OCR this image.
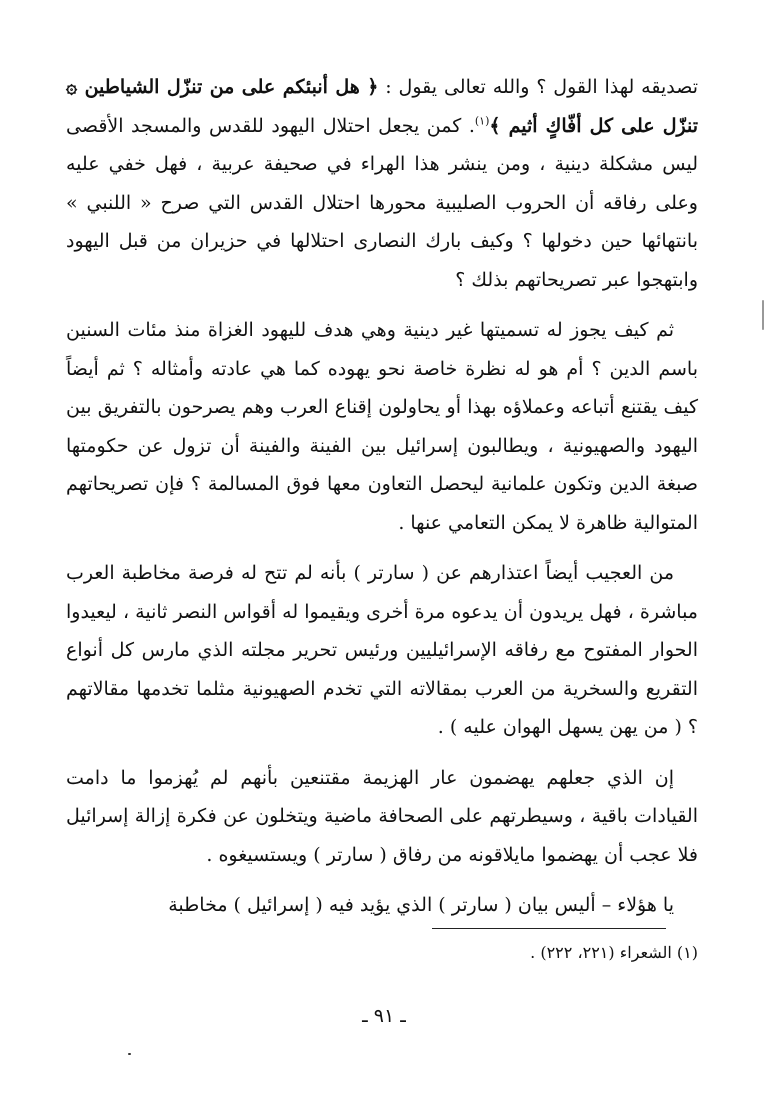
تصديقه لهذا القول ؟ والله تعالى يقول : ﴿ هل أنبئكم على من تنزّل الشياطين ۞ تنزّل على كل أفّاكٍ أثيم ﴾$^{(١)}$. كمن يجعل احتلال اليهود للقدس والمسجد الأقصى ليس مشكلة دينية ، ومن ينشر هذا الهراء في صحيفة عربية ، فهل خفي عليه وعلى رفاقه أن الحروب الصليبية محورها احتلال القدس التي صرح « اللنبي » بانتهائها حين دخولها ؟ وكيف بارك النصارى احتلالها في حزيران من قبل اليهود وابتهجوا عبر تصريحاتهم بذلك ؟

ثم كيف يجوز له تسميتها غير دينية وهي هدف لليهود الغزاة منذ مئات السنين باسم الدين ؟ أم هو له نظرة خاصة نحو يهوده كما هي عادته وأمثاله ؟ ثم أيضاً كيف يقتنع أتباعه وعملاؤه بهذا أو يحاولون إقناع العرب وهم يصرحون بالتفريق بين اليهود والصهيونية ، ويطالبون إسرائيل بين الفينة والفينة أن تزول عن حكومتها صبغة الدين وتكون علمانية ليحصل التعاون معها فوق المسالمة ؟ فإن تصريحاتهم المتوالية ظاهرة لا يمكن التعامي عنها .

من العجيب أيضاً اعتذارهم عن ( سارتر ) بأنه لم تتح له فرصة مخاطبة العرب مباشرة ، فهل يريدون أن يدعوه مرة أخرى ويقيموا له أقواس النصر ثانية ، ليعيدوا الحوار المفتوح مع رفاقه الإسرائيليين ورئيس تحرير مجلته الذي مارس كل أنواع التقريع والسخرية من العرب بمقالاته التي تخدم الصهيونية مثلما تخدمها مقالاتهم ؟ ( من يهن يسهل الهوان عليه ) .

إن الذي جعلهم يهضمون عار الهزيمة مقتنعين بأنهم لم يُهزموا ما دامت القيادات باقية ، وسيطرتهم على الصحافة ماضية ويتخلون عن فكرة إزالة إسرائيل فلا عجب أن يهضموا مايلاقونه من رفاق ( سارتر ) ويستسيغوه .

يا هؤلاء – أليس بيان ( سارتر ) الذي يؤيد فيه ( إسرائيل ) مخاطبة

(١) الشعراء (٢٢١، ٢٢٢) .
ـ ٩١ ـ
